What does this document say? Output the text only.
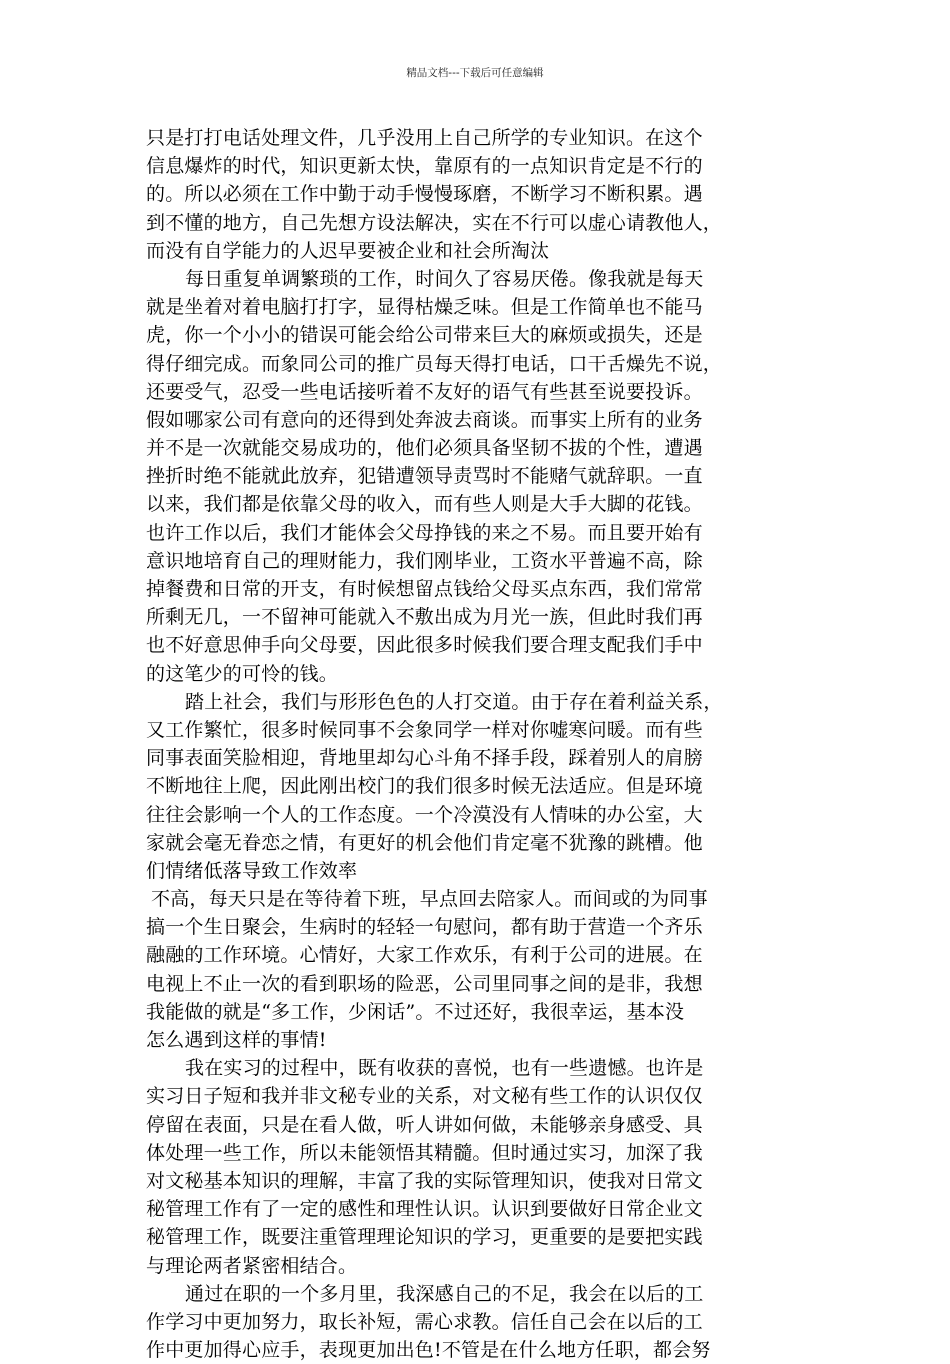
精品文档---下载后可任意编辑
只是打打电话处理文件，几乎没用上自己所学的专业知识。在这个
信息爆炸的时代，知识更新太快，靠原有的一点知识肯定是不行的
的。所以必须在工作中勤于动手慢慢琢磨，不断学习不断积累。遇
到不懂的地方，自己先想方设法解决，实在不行可以虚心请教他人，
而没有自学能力的人迟早要被企业和社会所淘汰
每日重复单调繁琐的工作，时间久了容易厌倦。像我就是每天
就是坐着对着电脑打打字，显得枯燥乏味。但是工作简单也不能马
虎，你一个小小的错误可能会给公司带来巨大的麻烦或损失，还是
得仔细完成。而象同公司的推广员每天得打电话，口干舌燥先不说，
还要受气，忍受一些电话接听着不友好的语气有些甚至说要投诉。
假如哪家公司有意向的还得到处奔波去商谈。而事实上所有的业务
并不是一次就能交易成功的，他们必须具备坚韧不拔的个性，遭遇
挫折时绝不能就此放弃，犯错遭领导责骂时不能赌气就辞职。一直
以来，我们都是依靠父母的收入，而有些人则是大手大脚的花钱。
也许工作以后，我们才能体会父母挣钱的来之不易。而且要开始有
意识地培育自己的理财能力，我们刚毕业，工资水平普遍不高，除
掉餐费和日常的开支，有时候想留点钱给父母买点东西，我们常常
所剩无几，一不留神可能就入不敷出成为月光一族，但此时我们再
也不好意思伸手向父母要，因此很多时候我们要合理支配我们手中
的这笔少的可怜的钱。
踏上社会，我们与形形色色的人打交道。由于存在着利益关系，
又工作繁忙，很多时候同事不会象同学一样对你嘘寒问暖。而有些
同事表面笑脸相迎，背地里却勾心斗角不择手段，踩着别人的肩膀
不断地往上爬，因此刚出校门的我们很多时候无法适应。但是环境
往往会影响一个人的工作态度。一个冷漠没有人情味的办公室，大
家就会毫无眷恋之情，有更好的机会他们肯定毫不犹豫的跳槽。他
们情绪低落导致工作效率
不高，每天只是在等待着下班，早点回去陪家人。而间或的为同事
搞一个生日聚会，生病时的轻轻一句慰问，都有助于营造一个齐乐
融融的工作环境。心情好，大家工作欢乐，有利于公司的进展。在
电视上不止一次的看到职场的险恶，公司里同事之间的是非，我想
我能做的就是“多工作，少闲话”。不过还好，我很幸运，基本没
怎么遇到这样的事情!
我在实习的过程中，既有收获的喜悦，也有一些遗憾。也许是
实习日子短和我并非文秘专业的关系，对文秘有些工作的认识仅仅
停留在表面，只是在看人做，听人讲如何做，未能够亲身感受、具
体处理一些工作，所以未能领悟其精髓。但时通过实习，加深了我
对文秘基本知识的理解，丰富了我的实际管理知识，使我对日常文
秘管理工作有了一定的感性和理性认识。认识到要做好日常企业文
秘管理工作，既要注重管理理论知识的学习，更重要的是要把实践
与理论两者紧密相结合。
通过在职的一个多月里，我深感自己的不足，我会在以后的工
作学习中更加努力，取长补短，需心求教。信任自己会在以后的工
作中更加得心应手，表现更加出色!不管是在什么地方任职，都会努
